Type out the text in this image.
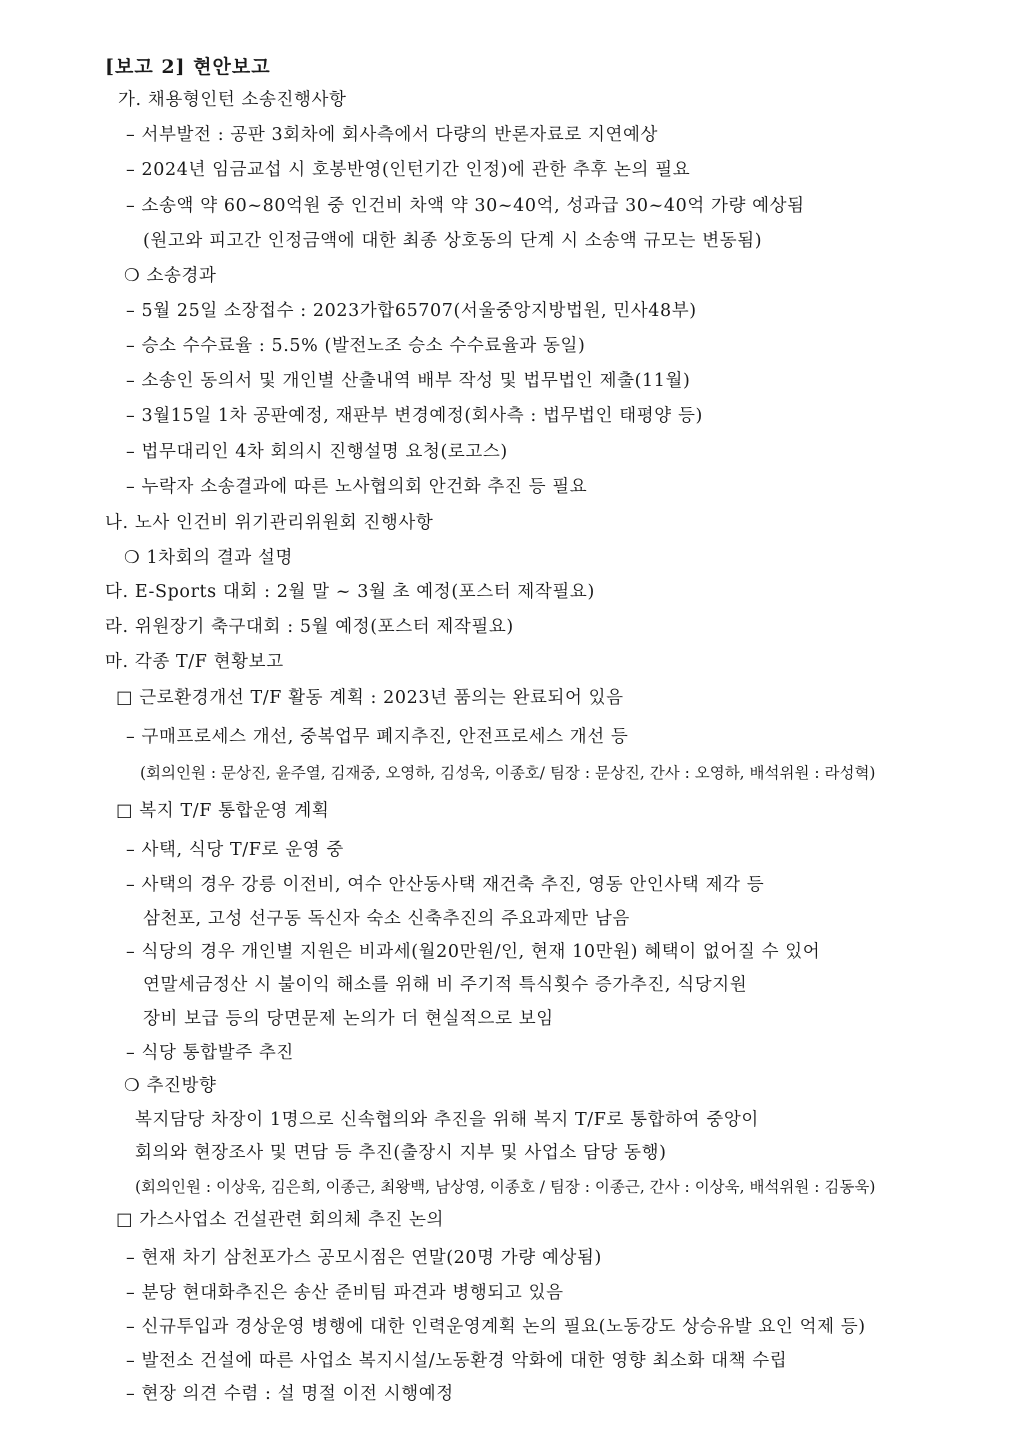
[보고 2] 현안보고
가. 채용형인턴 소송진행사항
– 서부발전 : 공판 3회차에 회사측에서 다량의 반론자료로 지연예상
– 2024년 임금교섭 시 호봉반영(인턴기간 인정)에 관한 추후 논의 필요
– 소송액 약 60~80억원 중 인건비 차액 약 30~40억, 성과급 30~40억 가량 예상됨
(원고와 피고간 인정금액에 대한 최종 상호동의 단계 시 소송액 규모는 변동됨)
❍ 소송경과
– 5월 25일 소장접수 : 2023가합65707(서울중앙지방법원, 민사48부)
– 승소 수수료율 : 5.5% (발전노조 승소 수수료율과 동일)
– 소송인 동의서 및 개인별 산출내역 배부 작성 및 법무법인 제출(11월)
– 3월15일 1차 공판예정, 재판부 변경예정(회사측 : 법무법인 태평양 등)
– 법무대리인 4차 회의시 진행설명 요청(로고스)
– 누락자 소송결과에 따른 노사협의회 안건화 추진 등 필요
나. 노사 인건비 위기관리위원회 진행사항
❍ 1차회의 결과 설명
다. E-Sports 대회 : 2월 말 ~ 3월 초 예정(포스터 제작필요)
라. 위원장기 축구대회 : 5월 예정(포스터 제작필요)
마. 각종 T/F 현황보고
□ 근로환경개선 T/F 활동 계획 : 2023년 품의는 완료되어 있음
– 구매프로세스 개선, 중복업무 폐지추진, 안전프로세스 개선 등
(회의인원 : 문상진, 윤주열, 김재중, 오영하, 김성욱, 이종호/ 팀장 : 문상진, 간사 : 오영하, 배석위원 : 라성혁)
□ 복지 T/F 통합운영 계획
– 사택, 식당 T/F로 운영 중
– 사택의 경우 강릉 이전비, 여수 안산동사택 재건축 추진, 영동 안인사택 제각 등
삼천포, 고성 선구동 독신자 숙소 신축추진의 주요과제만 남음
– 식당의 경우 개인별 지원은 비과세(월20만원/인, 현재 10만원) 혜택이 없어질 수 있어
연말세금정산 시 불이익 해소를 위해 비 주기적 특식횟수 증가추진, 식당지원
장비 보급 등의 당면문제 논의가 더 현실적으로 보임
– 식당 통합발주 추진
❍ 추진방향
복지담당 차장이 1명으로 신속협의와 추진을 위해 복지 T/F로 통합하여 중앙이
회의와 현장조사 및 면담 등 추진(출장시 지부 및 사업소 담당 동행)
(회의인원 : 이상욱, 김은희, 이종근, 최왕백, 남상영, 이종호 / 팀장 : 이종근, 간사 : 이상욱, 배석위원 : 김동욱)
□ 가스사업소 건설관련 회의체 추진 논의
– 현재 차기 삼천포가스 공모시점은 연말(20명 가량 예상됨)
– 분당 현대화추진은 송산 준비팀 파견과 병행되고 있음
– 신규투입과 경상운영 병행에 대한 인력운영계획 논의 필요(노동강도 상승유발 요인 억제 등)
– 발전소 건설에 따른 사업소 복지시설/노동환경 악화에 대한 영향 최소화 대책 수립
– 현장 의견 수렴 : 설 명절 이전 시행예정
